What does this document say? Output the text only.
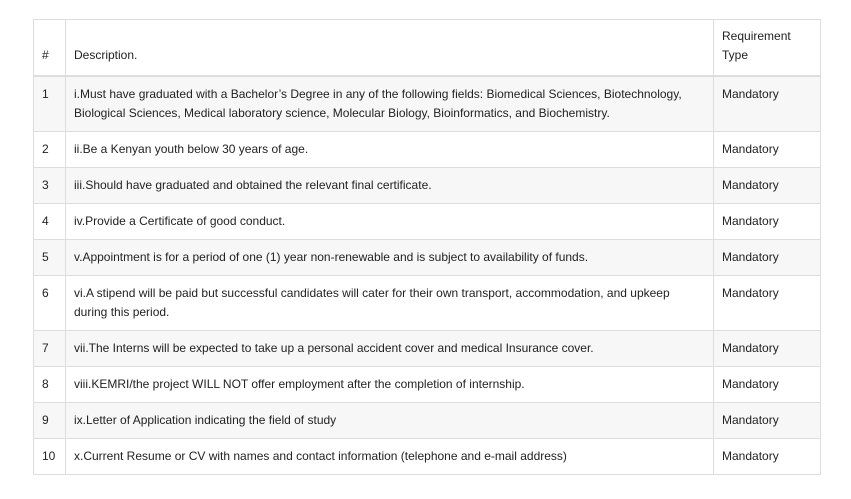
#	Description.	Requirement Type
1	i.Must have graduated with a Bachelor’s Degree in any of the following fields: Biomedical Sciences, Biotechnology, Biological Sciences, Medical laboratory science, Molecular Biology, Bioinformatics, and Biochemistry.	Mandatory
2	ii.Be a Kenyan youth below 30 years of age.	Mandatory
3	iii.Should have graduated and obtained the relevant final certificate.	Mandatory
4	iv.Provide a Certificate of good conduct.	Mandatory
5	v.Appointment is for a period of one (1) year non-renewable and is subject to availability of funds.	Mandatory
6	vi.A stipend will be paid but successful candidates will cater for their own transport, accommodation, and upkeep during this period.	Mandatory
7	vii.The Interns will be expected to take up a personal accident cover and medical Insurance cover.	Mandatory
8	viii.KEMRI/the project WILL NOT offer employment after the completion of internship.	Mandatory
9	ix.Letter of Application indicating the field of study	Mandatory
10	x.Current Resume or CV with names and contact information (telephone and e-mail address)	Mandatory
